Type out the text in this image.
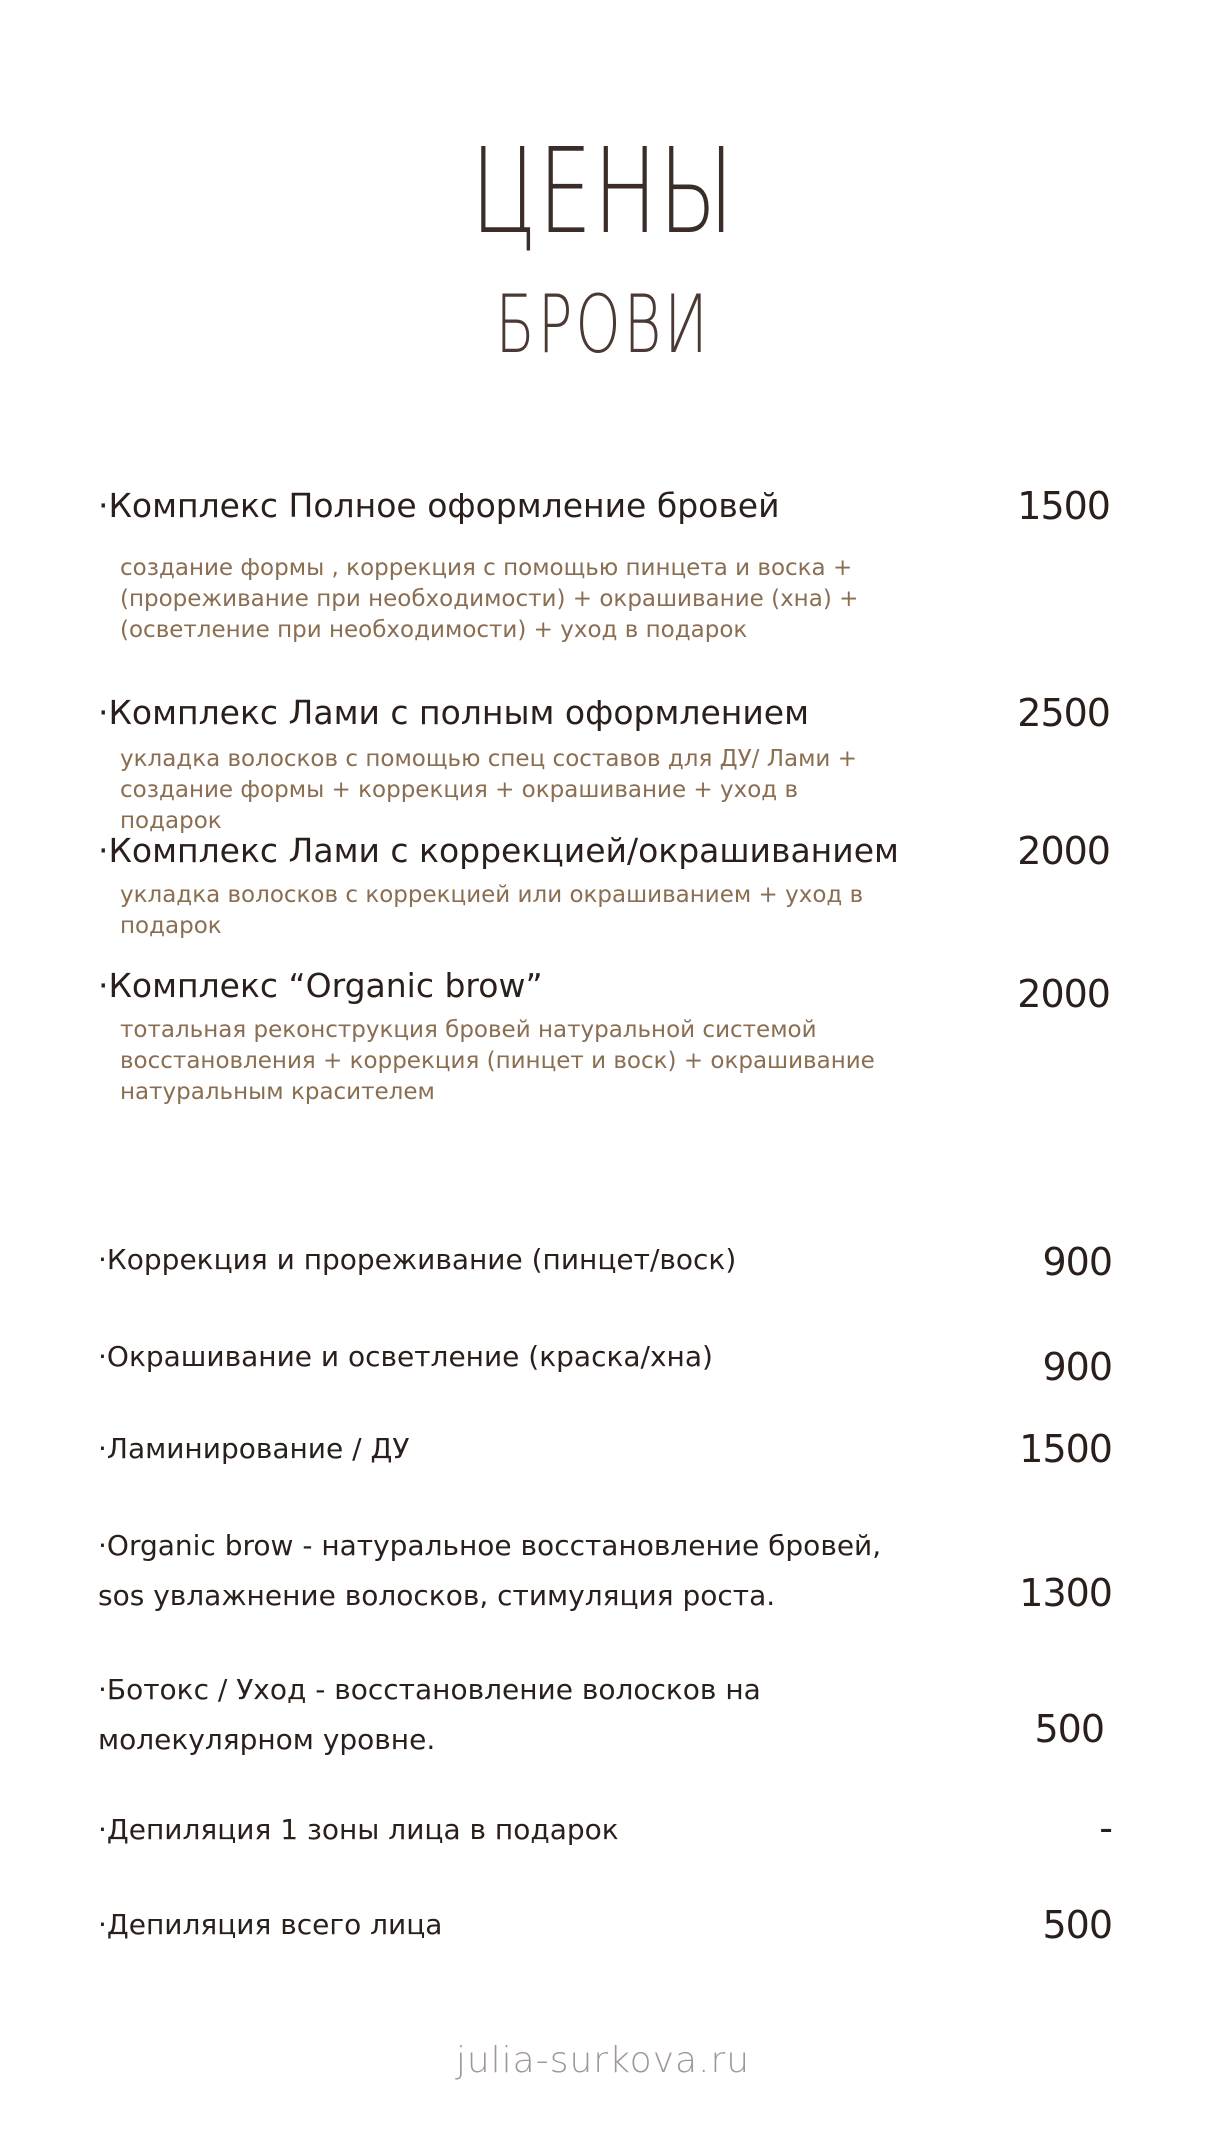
ЦЕНЫ
БРОВИ
·Комплекс Полное оформление бровей	1500
создание формы , коррекция с помощью пинцета и воска + (прореживание при необходимости) + окрашивание (хна) + (осветление при необходимости) + уход в подарок
·Комплекс Лами с полным оформлением	2500
укладка волосков с помощью спец составов для ДУ/ Лами + создание формы + коррекция + окрашивание + уход в подарок
·Комплекс Лами с коррекцией/окрашиванием	2000
укладка волосков с коррекцией или окрашиванием + уход в подарок
·Комплекс “Organic brow”	2000
тотальная реконструкция бровей натуральной системой восстановления + коррекция (пинцет и воск) + окрашивание натуральным красителем
·Коррекция и прореживание (пинцет/воск)	900
·Окрашивание и осветление (краска/хна)	900
·Ламинирование / ДУ	1500
·Organic brow - натуральное восстановление бровей, sos увлажнение волосков, стимуляция роста.	1300
·Ботокс / Уход - восстановление волосков на молекулярном уровне.	500
·Депиляция 1 зоны лица в подарок	-
·Депиляция всего лица	500
julia-surkova.ru
